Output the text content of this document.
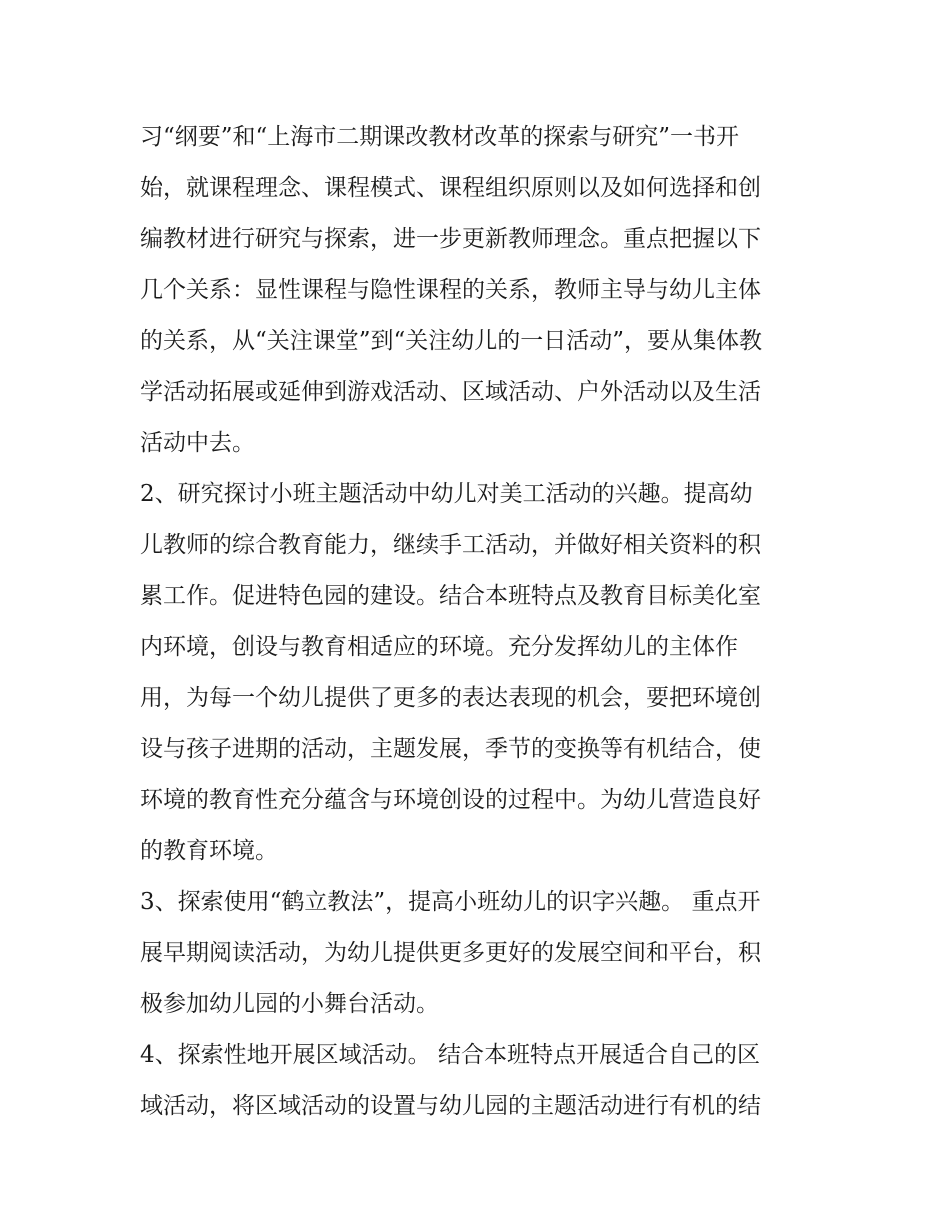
习“纲要”和“上海市二期课改教材改革的探索与研究”一书开
始，就课程理念、课程模式、课程组织原则以及如何选择和创
编教材进行研究与探索，进一步更新教师理念。重点把握以下
几个关系：显性课程与隐性课程的关系，教师主导与幼儿主体
的关系，从“关注课堂”到“关注幼儿的一日活动”，要从集体教
学活动拓展或延伸到游戏活动、区域活动、户外活动以及生活
活动中去。
2、研究探讨小班主题活动中幼儿对美工活动的兴趣。提高幼
儿教师的综合教育能力，继续手工活动，并做好相关资料的积
累工作。促进特色园的建设。结合本班特点及教育目标美化室
内环境，创设与教育相适应的环境。充分发挥幼儿的主体作
用，为每一个幼儿提供了更多的表达表现的机会，要把环境创
设与孩子进期的活动，主题发展，季节的变换等有机结合，使
环境的教育性充分蕴含与环境创设的过程中。为幼儿营造良好
的教育环境。
3、探索使用“鹤立教法”，提高小班幼儿的识字兴趣。 重点开
展早期阅读活动，为幼儿提供更多更好的发展空间和平台，积
极参加幼儿园的小舞台活动。
4、探索性地开展区域活动。 结合本班特点开展适合自己的区
域活动，将区域活动的设置与幼儿园的主题活动进行有机的结
